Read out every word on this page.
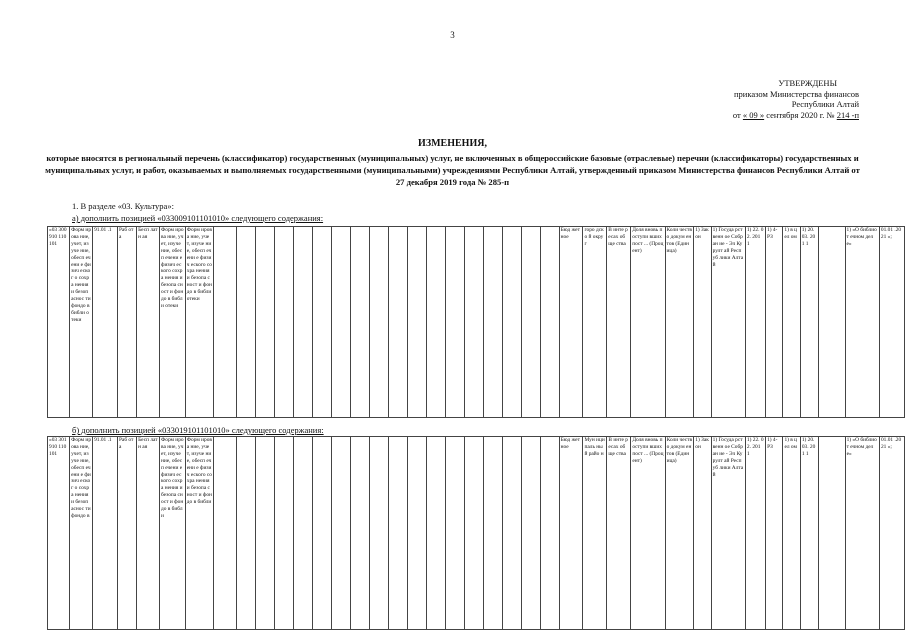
3
УТВЕРЖДЕНЫ
приказом Министерства финансов
Республики Алтай
от « 09 » сентября 2020 г. № 214 -п
ИЗМЕНЕНИЯ,
которые вносятся в региональный перечень (классификатор) государственных (муниципальных) услуг, не включенных в общероссийские базовые (отраслевые) перечни (классификаторы) государственных и муниципальных услуг, и работ, оказываемых и выполняемых государственными (муниципальными) учреждениями Республики Алтай, утвержденный приказом Министерства финансов Республики Алтай от 27 декабря 2019 года № 285-п
1. В разделе «03. Культура»:
а) дополнить позицией «033009101101010» следующего содержания:
«03 300 910 110 101	Форм ирова ние, учет, изуче ние, обесп ечени е физич еског о сохра нения и безоп аснос ти фондо в библи отеки	91.01 .1	Раб ота	Бесп латн ая	Форм ирова ние, учет, изуче ние, обесп ечени е физич еского сохра нения и безопа сност и фондо в библи отеки	Форм ирова ние, учет, изуче ние, обесп ечени е физич еского сохра нения и безопа сност и фондо в библи отеки																			Бюд жет ное	горо дско й окру г	В инте ресах обще ства	Доля вновь поступи вших пост ... (Процент)	Коли честв о докум ентов (Един ица)	1) Зак он	1) Госуда рственн ое Собран ие - Эл Курулт ай Респуб лики Алтай	1) 22. 02. 201 1	1) 4- РЗ	1) в цел ом	1) 20. 03. 201 1		1) «О библиот ечном деле»	01.01 .2021 »;
б) дополнить позицией «033019101101010» следующего содержания:
«03 301 910 110 101	Форм ирова ние, учет, изуче ние, обесп ечени е физич еског о сохра нения и безоп аснос ти фондо в	91.01 .1	Раб ота	Бесп латн ая	Форм ирова ние, учет, изуче ние, обесп ечени е физич еского сохра нения и безопа сност и фондо в библи	Форм ирова ние, учет, изуче ние, обесп ечени е физич еского сохра нения и безопа сност и фондо в библи																			Бюд жет ное	Мун ици паль ный райо н	В инте ресах обще ства	Доля вновь поступи вших пост ... (Процент)	Коли честв о докум ентов (Един ица)	1) Зак он	1) Госуда рственн ое Собран ие - Эл Курулт ай Респуб лики Алтай	1) 22. 02. 201 1	1) 4- РЗ	1) в цел ом	1) 20. 03. 201 1		1) «О библиот ечном деле»	01.01 .2021 »;
